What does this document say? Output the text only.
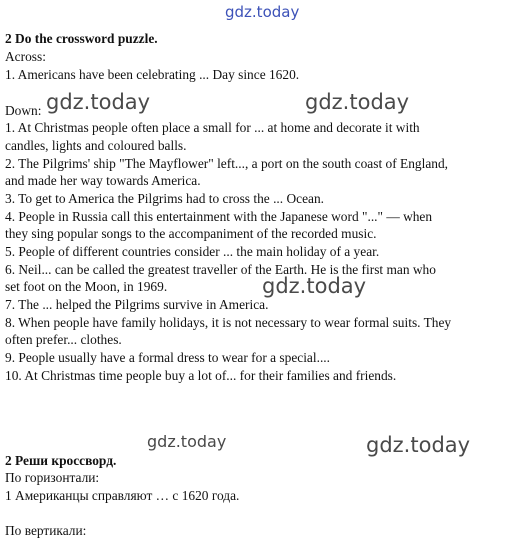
gdz.today
gdz.today	gdz.today
gdz.today
gdz.today	gdz.today
2 Do the crossword puzzle.
Across:
1. Americans have been celebrating ... Day since 1620.
Down:
1. At Christmas people often place a small for ... at home and decorate it with
candles, lights and coloured balls.
2. The Pilgrims' ship "The Mayflower" left..., a port on the south coast of England,
and made her way towards America.
3. To get to America the Pilgrims had to cross the ... Ocean.
4. People in Russia call this entertainment with the Japanese word "..." — when
they sing popular songs to the accompaniment of the recorded music.
5. People of different countries consider ... the main holiday of a year.
6. Neil... can be called the greatest traveller of the Earth. He is the first man who
set foot on the Moon, in 1969.
7. The ... helped the Pilgrims survive in America.
8. When people have family holidays, it is not necessary to wear formal suits. They
often prefer... clothes.
9. People usually have a formal dress to wear for a special....
10. At Christmas time people buy a lot of... for their families and friends.
2 Реши кроссворд.
По горизонтали:
1 Американцы справляют … с 1620 года.
По вертикали:
